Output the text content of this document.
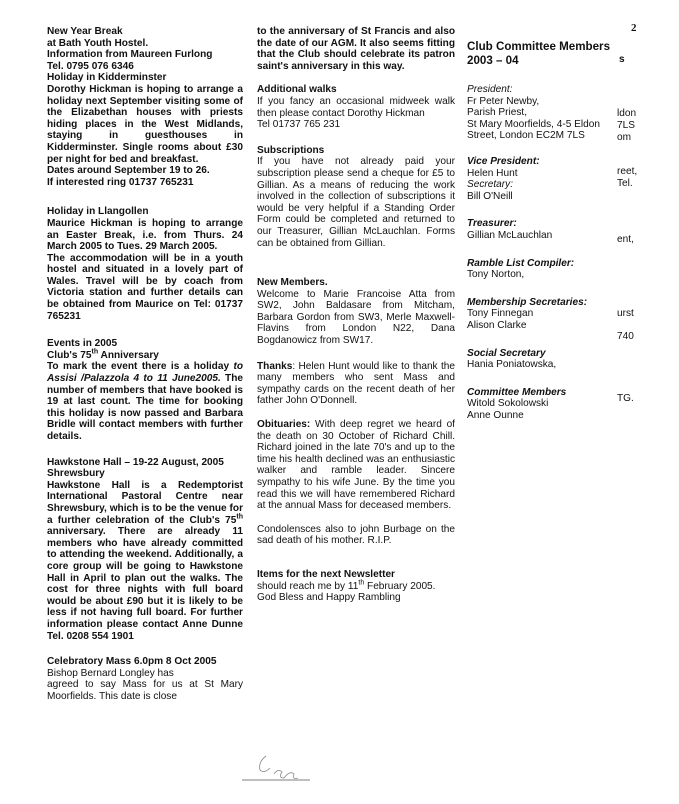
2
New Year Break
at Bath Youth Hostel.
Information from Maureen Furlong
Tel. 0795 076 6346
Holiday in Kidderminster
Dorothy Hickman is hoping to arrange a holiday next September visiting some of the Elizabethan houses with priests hiding places in the West Midlands, staying in guesthouses in Kidderminster. Single rooms about £30 per night for bed and breakfast.
Dates around September 19 to 26.
If interested ring 01737 765231
Holiday in Llangollen
Maurice Hickman is hoping to arrange an Easter Break, i.e. from Thurs. 24 March 2005 to Tues. 29 March 2005.
The accommodation will be in a youth hostel and situated in a lovely part of Wales. Travel will be by coach from Victoria station and further details can be obtained from Maurice on Tel: 01737 765231
Events in 2005
Club's 75th Anniversary
To mark the event there is a holiday to Assisi /Palazzola 4 to 11 June2005. The number of members that have booked is 19 at last count. The time for booking this holiday is now passed and Barbara Bridle will contact members with further details.
Hawkstone Hall – 19-22 August, 2005 Shrewsbury
Hawkstone Hall is a Redemptorist International Pastoral Centre near Shrewsbury, which is to be the venue for a further celebration of the Club's 75th anniversary. There are already 11 members who have already committed to attending the weekend. Additionally, a core group will be going to Hawkstone Hall in April to plan out the walks. The cost for three nights with full board would be about £90 but it is likely to be less if not having full board. For further information please contact Anne Dunne Tel. 0208 554 1901
Celebratory Mass 6.0pm 8 Oct 2005
Bishop Bernard Longley has
agreed to say Mass for us at St Mary Moorfields. This date is close
to the anniversary of St Francis and also the date of our AGM. It also seems fitting that the Club should celebrate its patron saint's anniversary in this way.
Additional walks
If you fancy an occasional midweek walk then please contact Dorothy Hickman
Tel 01737 765 231
Subscriptions
If you have not already paid your subscription please send a cheque for £5 to Gillian. As a means of reducing the work involved in the collection of subscriptions it would be very helpful if a Standing Order Form could be completed and returned to our Treasurer, Gillian McLauchlan. Forms can be obtained from Gillian.
New Members.
Welcome to Marie Francoise Atta from SW2, John Baldasare from Mitcham, Barbara Gordon from SW3, Merle Maxwell-Flavins from London N22, Dana Bogdanowicz from SW17.
Thanks: Helen Hunt would like to thank the many members who sent Mass and sympathy cards on the recent death of her father John O'Donnell.
Obituaries: With deep regret we heard of the death on 30 October of Richard Chill. Richard joined in the late 70's and up to the time his health declined was an enthusiastic walker and ramble leader. Sincere sympathy to his wife June. By the time you read this we will have remembered Richard at the annual Mass for deceased members.
Condolensces also to john Burbage on the sad death of his mother. R.I.P.
Items for the next Newsletter
should reach me by 11th February 2005.
God Bless and Happy Rambling
Club Committee Members 2003 – 04
President:
Fr Peter Newby,
Parish Priest,
St Mary Moorfields, 4-5 Eldon
Street, London EC2M 7LS
Vice President:
Helen Hunt
Secretary:
Bill O'Neill
Treasurer:
Gillian McLauchlan
Ramble List Compiler:
Tony Norton,
Membership Secretaries:
Tony Finnegan
Alison Clarke
Social Secretary
Hania Poniatowska,
Committee Members
Witold Sokolowski
Anne Ounne
s
ldon
7LS
om
reet,
Tel.
ent,
urst
740
TG.
